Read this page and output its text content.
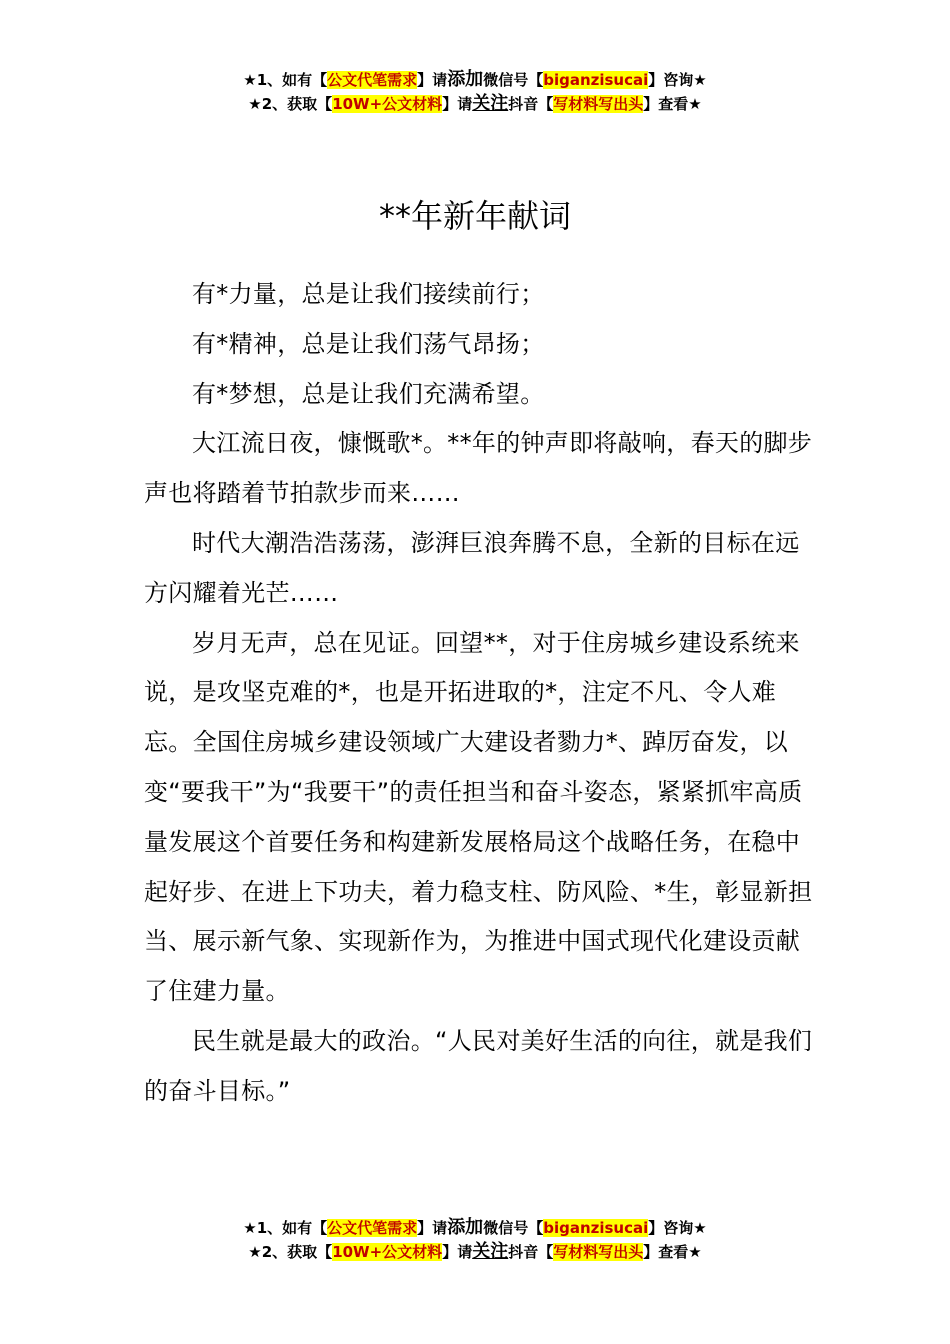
★1、如有【公文代笔需求】请添加微信号【biganzisucai】咨询★
★2、获取【10W+公文材料】请关注抖音【写材料写出头】查看★
**年新年献词

有*力量，总是让我们接续前行；

有*精神，总是让我们荡气昂扬；

有*梦想，总是让我们充满希望。

大江流日夜，慷慨歌*。**年的钟声即将敲响，春天的脚步声也将踏着节拍款步而来……

时代大潮浩浩荡荡，澎湃巨浪奔腾不息，全新的目标在远方闪耀着光芒……

岁月无声，总在见证。回望**，对于住房城乡建设系统来说，是攻坚克难的*，也是开拓进取的*，注定不凡、令人难忘。全国住房城乡建设领域广大建设者勠力*、踔厉奋发，以变“要我干”为“我要干”的责任担当和奋斗姿态，紧紧抓牢高质量发展这个首要任务和构建新发展格局这个战略任务，在稳中起好步、在进上下功夫，着力稳支柱、防风险、*生，彰显新担当、展示新气象、实现新作为，为推进中国式现代化建设贡献了住建力量。

民生就是最大的政治。“人民对美好生活的向往，就是我们的奋斗目标。”

★1、如有【公文代笔需求】请添加微信号【biganzisucai】咨询★
★2、获取【10W+公文材料】请关注抖音【写材料写出头】查看★
